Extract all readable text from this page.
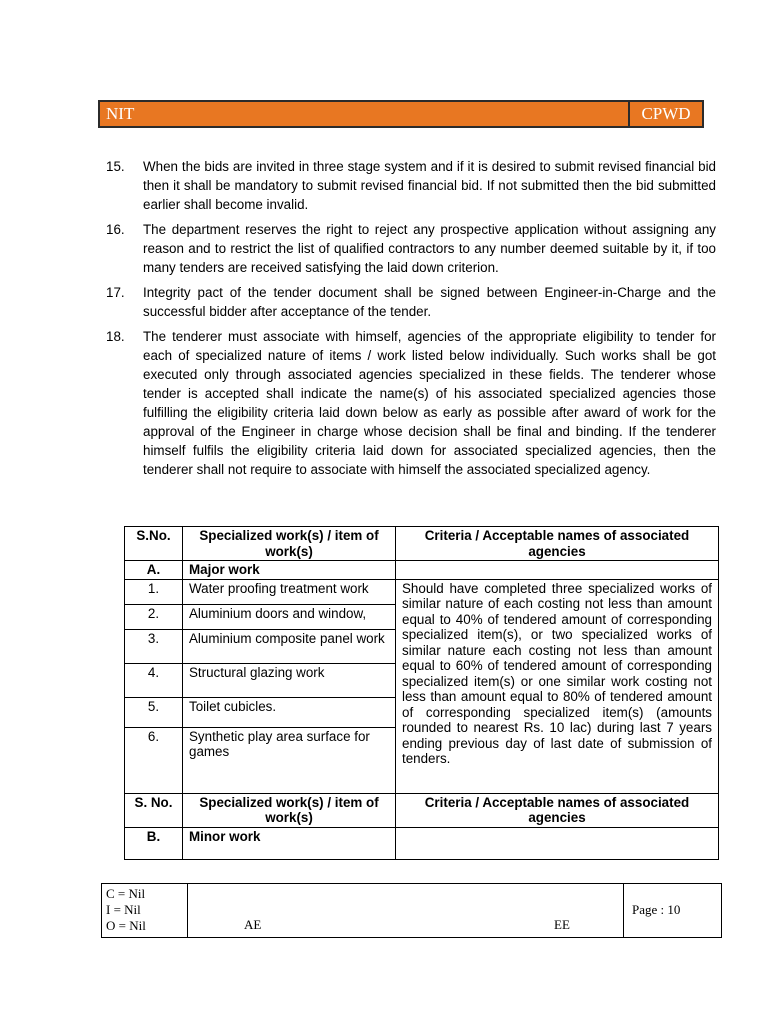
NIT	CPWD
15.	When the bids are invited in three stage system and if it is desired to submit revised financial bid then it shall be mandatory to submit revised financial bid. If not submitted then the bid submitted earlier shall become invalid.
16.	The department reserves the right to reject any prospective application without assigning any reason and to restrict the list of qualified contractors to any number deemed suitable by it, if too many tenders are received satisfying the laid down criterion.
17.	Integrity pact of the tender document shall be signed between Engineer-in-Charge and the successful bidder after acceptance of the tender.
18.	The tenderer must associate with himself, agencies of the appropriate eligibility to tender for each of specialized nature of items / work listed below individually. Such works shall be got executed only through associated agencies specialized in these fields. The tenderer whose tender is accepted shall indicate the name(s) of his associated specialized agencies those fulfilling the eligibility criteria laid down below as early as possible after award of work for the approval of the Engineer in charge whose decision shall be final and binding. If the tenderer himself fulfils the eligibility criteria laid down for associated specialized agencies, then the tenderer shall not require to associate with himself the associated specialized agency.
S.No.	Specialized work(s) / item of work(s)	Criteria / Acceptable names of associated agencies
A.	Major work	
1.	Water proofing treatment work	Should have completed three specialized works of similar nature of each costing not less than amount equal to 40% of tendered amount of corresponding specialized item(s), or two specialized works of similar nature each costing not less than amount equal to 60% of tendered amount of corresponding specialized item(s) or one similar work costing not less than amount equal to 80% of tendered amount of corresponding specialized item(s) (amounts rounded to nearest Rs. 10 lac) during last 7 years ending previous day of last date of submission of tenders.
2.	Aluminium doors and window,	
3.	Aluminium composite panel work	
4.	Structural glazing work	
5.	Toilet cubicles.	
6.	Synthetic play area surface for games	
S. No.	Specialized work(s) / item of work(s)	Criteria / Acceptable names of associated agencies
B.	Minor work	
C = Nil
I = Nil
O = Nil	AE	EE
Page : 10
